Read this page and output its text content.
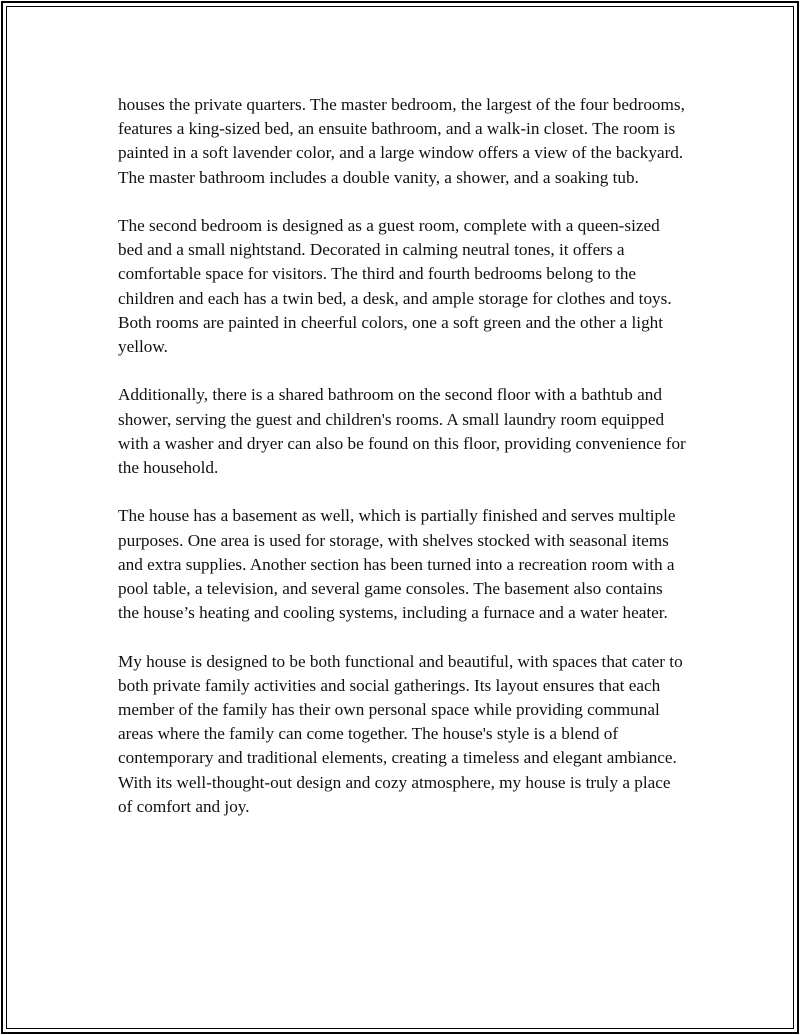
houses the private quarters. The master bedroom, the largest of the four bedrooms, features a king-sized bed, an ensuite bathroom, and a walk-in closet. The room is painted in a soft lavender color, and a large window offers a view of the backyard. The master bathroom includes a double vanity, a shower, and a soaking tub.

The second bedroom is designed as a guest room, complete with a queen-sized bed and a small nightstand. Decorated in calming neutral tones, it offers a comfortable space for visitors. The third and fourth bedrooms belong to the children and each has a twin bed, a desk, and ample storage for clothes and toys. Both rooms are painted in cheerful colors, one a soft green and the other a light yellow.

Additionally, there is a shared bathroom on the second floor with a bathtub and shower, serving the guest and children's rooms. A small laundry room equipped with a washer and dryer can also be found on this floor, providing convenience for the household.

The house has a basement as well, which is partially finished and serves multiple purposes. One area is used for storage, with shelves stocked with seasonal items and extra supplies. Another section has been turned into a recreation room with a pool table, a television, and several game consoles. The basement also contains the house’s heating and cooling systems, including a furnace and a water heater.

My house is designed to be both functional and beautiful, with spaces that cater to both private family activities and social gatherings. Its layout ensures that each member of the family has their own personal space while providing communal areas where the family can come together. The house's style is a blend of contemporary and traditional elements, creating a timeless and elegant ambiance. With its well-thought-out design and cozy atmosphere, my house is truly a place of comfort and joy.
